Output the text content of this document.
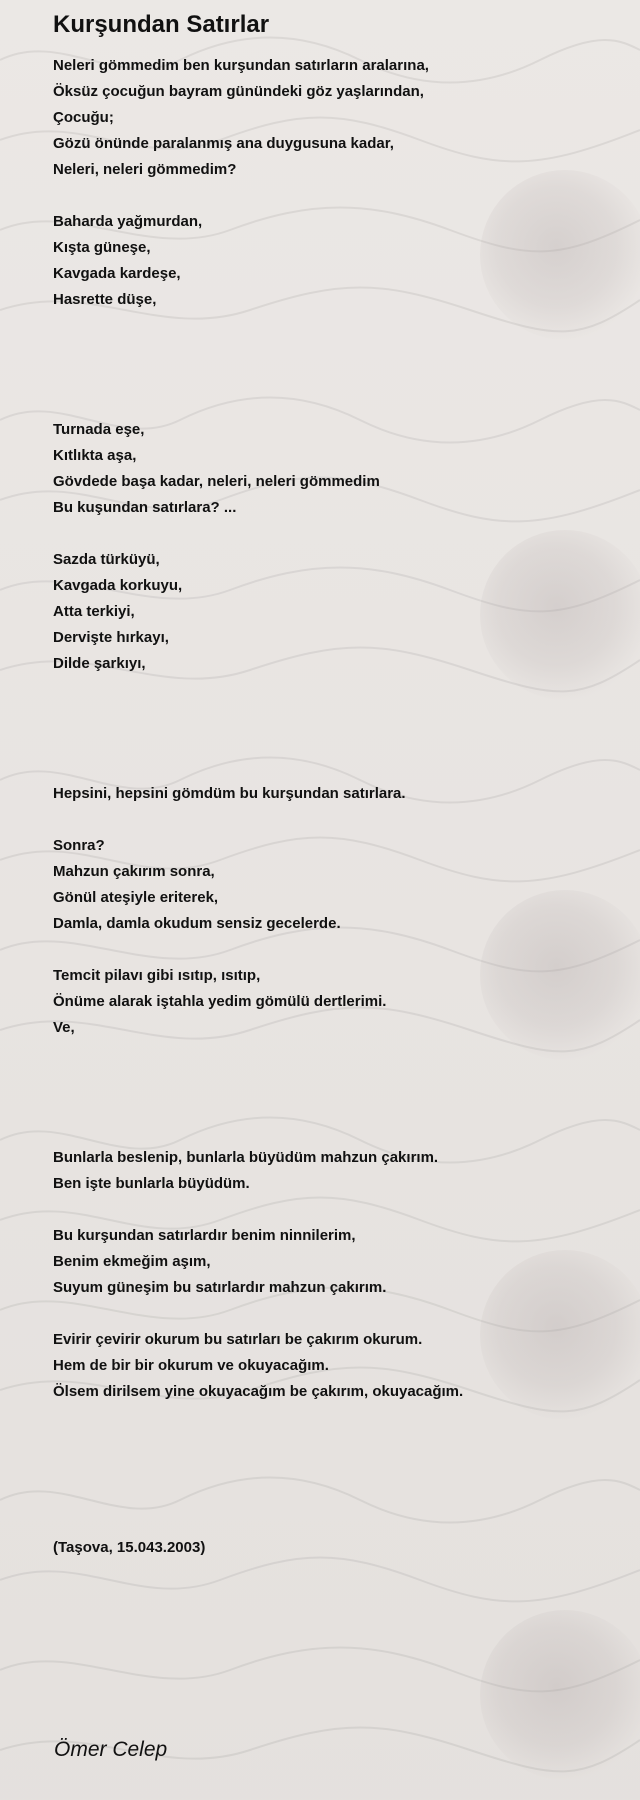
Kurşundan Satırlar
Neleri gömmedim ben kurşundan satırların aralarına,
Öksüz çocuğun bayram günündeki göz yaşlarından,
Çocuğu;
Gözü önünde paralanmış ana duygusuna kadar,
Neleri, neleri gömmedim?
Baharda yağmurdan,
Kışta güneşe,
Kavgada kardeşe,
Hasrette düşe,
Turnada eşe,
Kıtlıkta aşa,
Gövdede başa kadar, neleri, neleri gömmedim
Bu kuşundan satırlara? ...
Sazda türküyü,
Kavgada korkuyu,
Atta terkiyi,
Dervişte hırkayı,
Dilde şarkıyı,
Hepsini, hepsini gömdüm bu kurşundan satırlara.
Sonra?
Mahzun çakırım sonra,
Gönül ateşiyle eriterek,
Damla, damla okudum sensiz gecelerde.
Temcit pilavı gibi ısıtıp, ısıtıp,
Önüme alarak iştahla yedim gömülü dertlerimi.
Ve,
Bunlarla beslenip, bunlarla büyüdüm mahzun çakırım.
Ben işte bunlarla büyüdüm.
Bu kurşundan satırlardır benim ninnilerim,
Benim ekmeğim aşım,
Suyum güneşim bu satırlardır mahzun çakırım.
Evirir çevirir okurum bu satırları be çakırım okurum.
Hem de bir bir okurum ve okuyacağım.
Ölsem dirilsem yine okuyacağım be çakırım, okuyacağım.
(Taşova, 15.043.2003)
Ömer Celep
